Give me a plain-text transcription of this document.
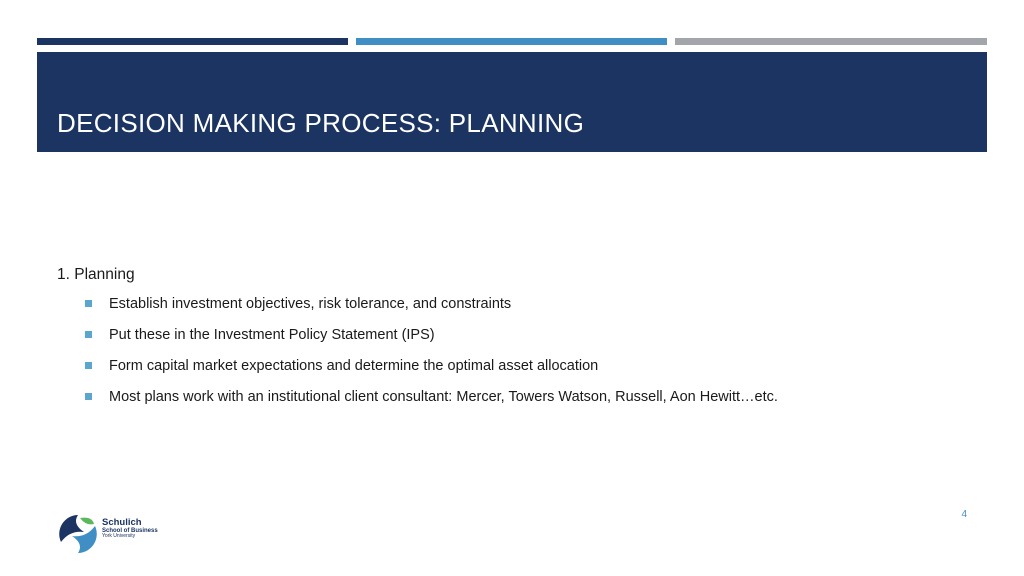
DECISION MAKING PROCESS: PLANNING
1. Planning
Establish investment objectives, risk tolerance, and constraints
Put these in the Investment Policy Statement (IPS)
Form capital market expectations and determine the optimal asset allocation
Most plans work with an institutional client consultant: Mercer, Towers Watson, Russell, Aon Hewitt…etc.
4
Schulich
School of Business
York University
